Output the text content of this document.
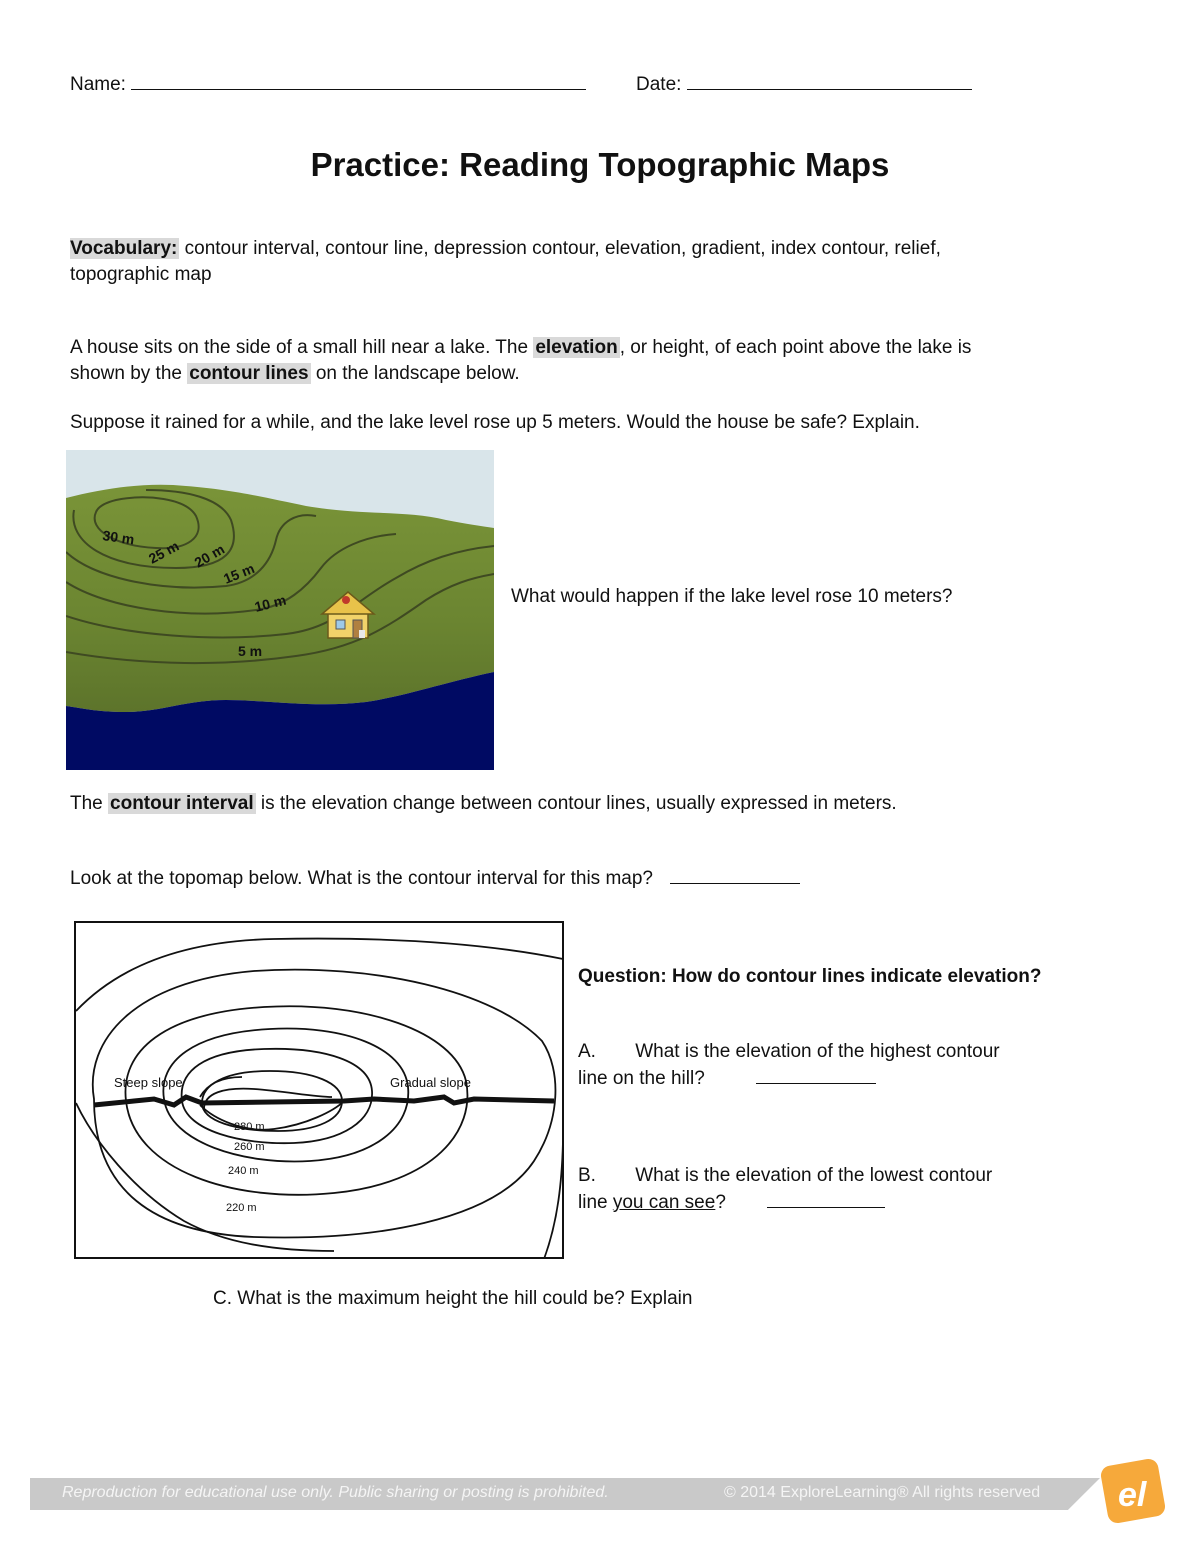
Name:	Date:
Practice: Reading Topographic Maps
Vocabulary: contour interval, contour line, depression contour, elevation, gradient, index contour, relief,
topographic map
A house sits on the side of a small hill near a lake. The elevation , or height, of each point above the lake is
shown by the contour lines on the landscape below.
Suppose it rained for a while, and the lake level rose up 5 meters. Would the house be safe? Explain.
30 m
25 m 20 m
15 m
10 m
5 m
What would happen if the lake level rose 10 meters?
The contour interval is the elevation change between contour lines, usually expressed in meters.
Look at the topomap below. What is the contour interval for this map?
Steep slope	Gradual slope
280 m
260 m
240 m
220 m
Question: How do contour lines indicate elevation?
A. What is the elevation of the highest contour
line on the hill?
B. What is the elevation of the lowest contour
line you can see?
C. What is the maximum height the hill could be? Explain
Reproduction for educational use only. Public sharing or posting is prohibited.	© 2014 ExploreLearning® All rights reserved el
